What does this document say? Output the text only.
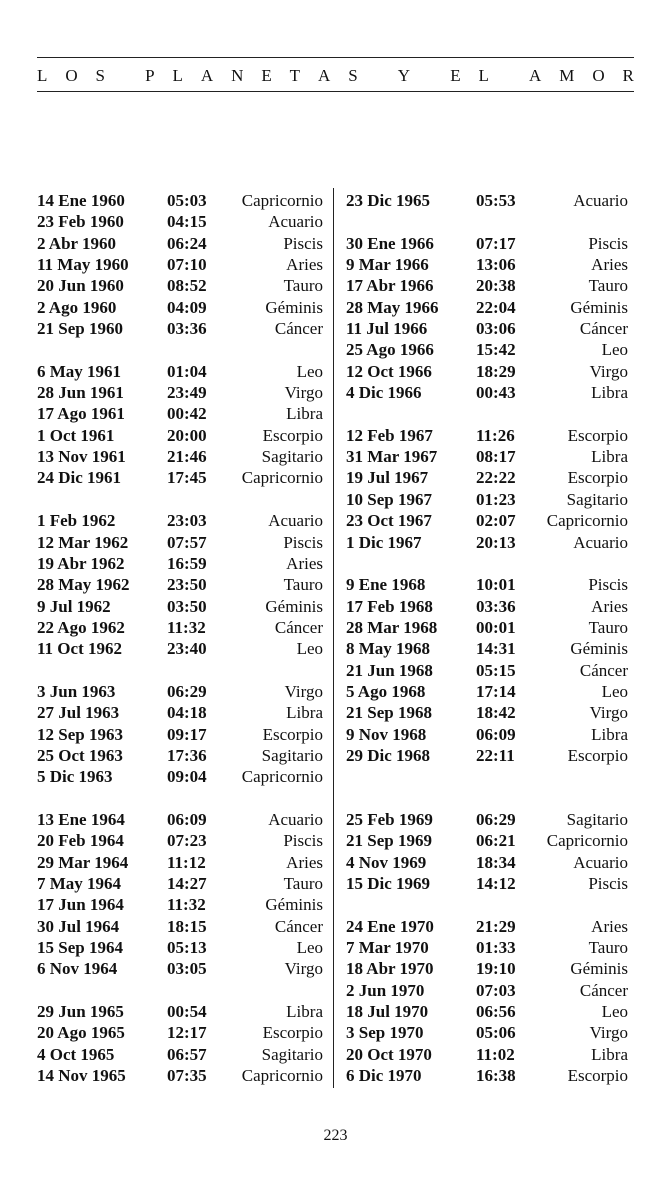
L O S
P L A N E T A S
Y
E L
A M O R
14 Ene 1960 05:03 Capricornio
23 Feb 1960	04:15	Acuario
2 Abr 1960	06:24	Piscis
11 May 1960 07:10	Aries
20 Jun 1960	08:52	Tauro
2 Ago 1960	04:09	Géminis
21 Sep 1960	03:36	Cáncer
6 May 1961	01:04	Leo
28 Jun 1961	23:49	Virgo
17 Ago 1961 00:42	Libra
1 Oct 1961	20:00	Escorpio
13 Nov 1961 21:46	Sagitario
24 Dic 1961	17:45 Capricornio
1 Feb 1962	23:03	Acuario
12 Mar 1962 07:57	Piscis
19 Abr 1962 16:59	Aries
28 May 1962 23:50	Tauro
9 Jul 1962	03:50	Géminis
22 Ago 1962 11:32	Cáncer
11 Oct 1962	23:40	Leo
3 Jun 1963	06:29	Virgo
27 Jul 1963	04:18	Libra
12 Sep 1963	09:17	Escorpio
25 Oct 1963	17:36	Sagitario
5 Dic 1963	09:04 Capricornio
13 Ene 1964 06:09	Acuario
20 Feb 1964	07:23	Piscis
29 Mar 1964 11:12	Aries
7 May 1964	14:27	Tauro
17 Jun 1964	11:32	Géminis
30 Jul 1964	18:15	Cáncer
15 Sep 1964	05:13	Leo
6 Nov 1964	03:05	Virgo
29 Jun 1965	00:54	Libra
20 Ago 1965 12:17	Escorpio
4 Oct 1965	06:57	Sagitario
14 Nov 1965 07:35 Capricornio
23 Dic 1965	05:53	Acuario
30 Ene 1966 07:17	Piscis
9 Mar 1966	13:06	Aries
17 Abr 1966 20:38	Tauro
28 May 1966 22:04	Géminis
11 Jul 1966	03:06	Cáncer
25 Ago 1966 15:42	Leo
12 Oct 1966	18:29	Virgo
4 Dic 1966	00:43	Libra
12 Feb 1967	11:26	Escorpio
31 Mar 1967 08:17	Libra
19 Jul 1967	22:22	Escorpio
10 Sep 1967	01:23	Sagitario
23 Oct 1967	02:07 Capricornio
1 Dic 1967	20:13	Acuario
9 Ene 1968	10:01	Piscis
17 Feb 1968	03:36	Aries
28 Mar 1968 00:01	Tauro
8 May 1968	14:31	Géminis
21 Jun 1968	05:15	Cáncer
5 Ago 1968	17:14	Leo
21 Sep 1968	18:42	Virgo
9 Nov 1968	06:09	Libra
29 Dic 1968	22:11	Escorpio
25 Feb 1969	06:29	Sagitario
21 Sep 1969	06:21 Capricornio
4 Nov 1969	18:34	Acuario
15 Dic 1969	14:12	Piscis
24 Ene 1970 21:29	Aries
7 Mar 1970	01:33	Tauro
18 Abr 1970 19:10	Géminis
2 Jun 1970	07:03	Cáncer
18 Jul 1970	06:56	Leo
3 Sep 1970	05:06	Virgo
20 Oct 1970	11:02	Libra
6 Dic 1970	16:38	Escorpio
223
